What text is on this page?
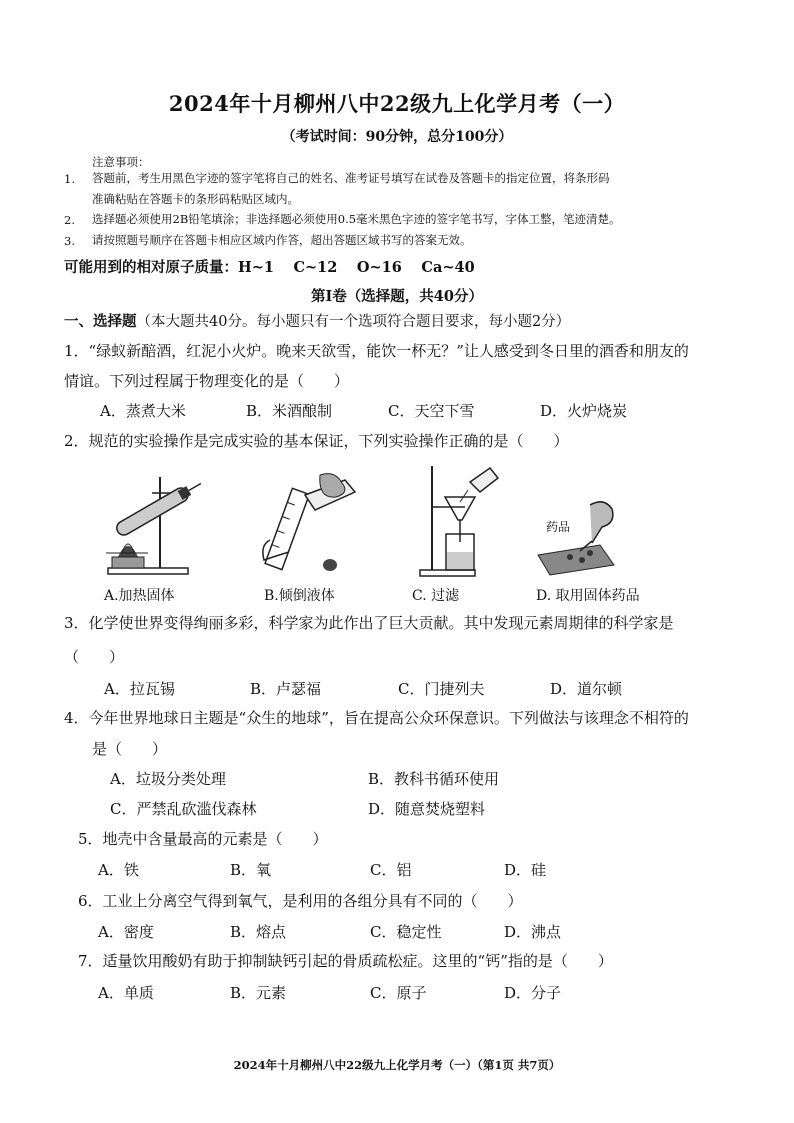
2024年十月柳州八中22级九上化学月考（一）
（考试时间：90分钟，总分100分）
注意事项：
1. 答题前，考生用黑色字迹的签字笔将自己的姓名、准考证号填写在试卷及答题卡的指定位置，将条形码
准确粘贴在答题卡的条形码粘贴区域内。
2. 选择题必须使用2B铅笔填涂；非选择题必须使用0.5毫米黑色字迹的签字笔书写，字体工整，笔迹清楚。
3. 请按照题号顺序在答题卡相应区域内作答，超出答题区域书写的答案无效。
可能用到的相对原子质量：H~1　 C~12　 O~16　 Ca~40
第Ⅰ卷（选择题，共40分）
一、选择题（本大题共40分。每小题只有一个选项符合题目要求，每小题2分）
1．“绿蚁新醅酒，红泥小火炉。晚来天欲雪，能饮一杯无？”让人感受到冬日里的酒香和朋友的
情谊。下列过程属于物理变化的是（　　）
A．蒸煮大米	B．米酒酿制	C．天空下雪	D．火炉烧炭
2．规范的实验操作是完成实验的基本保证，下列实验操作正确的是（　　）
A.加热固体	B.倾倒液体	C. 过滤
药品
D. 取用固体药品
3．化学使世界变得绚丽多彩，科学家为此作出了巨大贡献。其中发现元素周期律的科学家是
（　　）
A．拉瓦锡	B．卢瑟福	C．门捷列夫	D．道尔顿
4．今年世界地球日主题是“众生的地球”，旨在提高公众环保意识。下列做法与该理念不相符的
是（　　）
A．垃圾分类处理	B．教科书循环使用
C．严禁乱砍滥伐森林	D．随意焚烧塑料
5．地壳中含量最高的元素是（　　）
A．铁	B．氧	C．铝	D．硅
6．工业上分离空气得到氧气，是利用的各组分具有不同的（　　）
A．密度	B．熔点	C．稳定性	D．沸点
7．适量饮用酸奶有助于抑制缺钙引起的骨质疏松症。这里的“钙”指的是（　　）
A．单质	B．元素	C．原子	D．分子
2024年十月柳州八中22级九上化学月考（一）（第1页 共7页）
